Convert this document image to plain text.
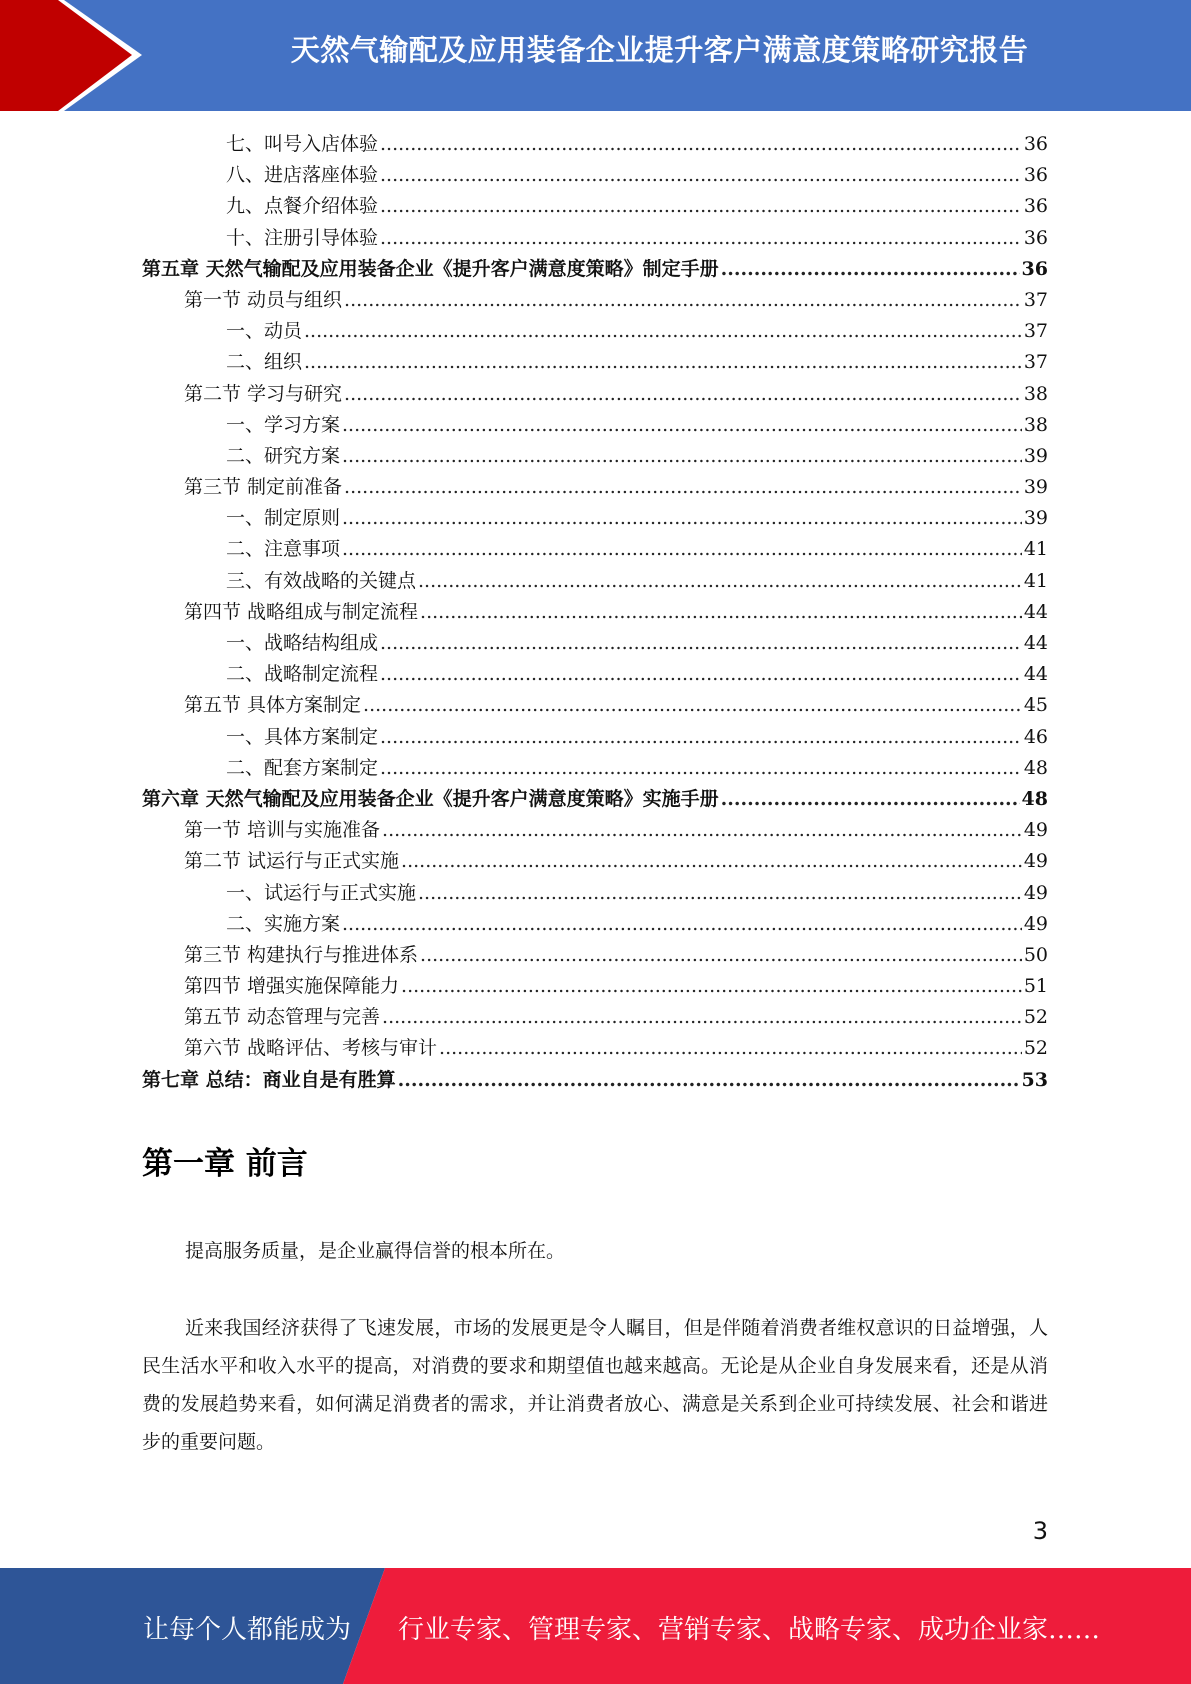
天然气输配及应用装备企业提升客户满意度策略研究报告
七、叫号入店体验 .....	36
八、进店落座体验 .....	36
九、点餐介绍体验 .....	36
十、注册引导体验 .....	36
第五章 天然气输配及应用装备企业《提升客户满意度策略》制定手册 .....	36
第一节 动员与组织 .....	37
一、动员 .....	37
二、组织 .....	37
第二节 学习与研究 .....	38
一、学习方案 .....	38
二、研究方案 .....	39
第三节 制定前准备 .....	39
一、制定原则 .....	39
二、注意事项 .....	41
三、有效战略的关键点 .....	41
第四节 战略组成与制定流程 .....	44
一、战略结构组成 .....	44
二、战略制定流程 .....	44
第五节 具体方案制定 .....	45
一、具体方案制定 .....	46
二、配套方案制定 .....	48
第六章 天然气输配及应用装备企业《提升客户满意度策略》实施手册 .....	48
第一节 培训与实施准备 .....	49
第二节 试运行与正式实施 .....	49
一、试运行与正式实施 .....	49
二、实施方案 .....	49
第三节 构建执行与推进体系 .....	50
第四节 增强实施保障能力 .....	51
第五节 动态管理与完善 .....	52
第六节 战略评估、考核与审计 .....	52
第七章 总结：商业自是有胜算 .....	53
第一章 前言

提高服务质量，是企业赢得信誉的根本所在。

近来我国经济获得了飞速发展，市场的发展更是令人瞩目，但是伴随着消费者维权意识的日益增强，人民生活水平和收入水平的提高，对消费的要求和期望值也越来越高。无论是从企业自身发展来看，还是从消费的发展趋势来看，如何满足消费者的需求，并让消费者放心、满意是关系到企业可持续发展、社会和谐进步的重要问题。

3
让每个人都能成为 行业专家、管理专家、营销专家、战略专家、成功企业家……
